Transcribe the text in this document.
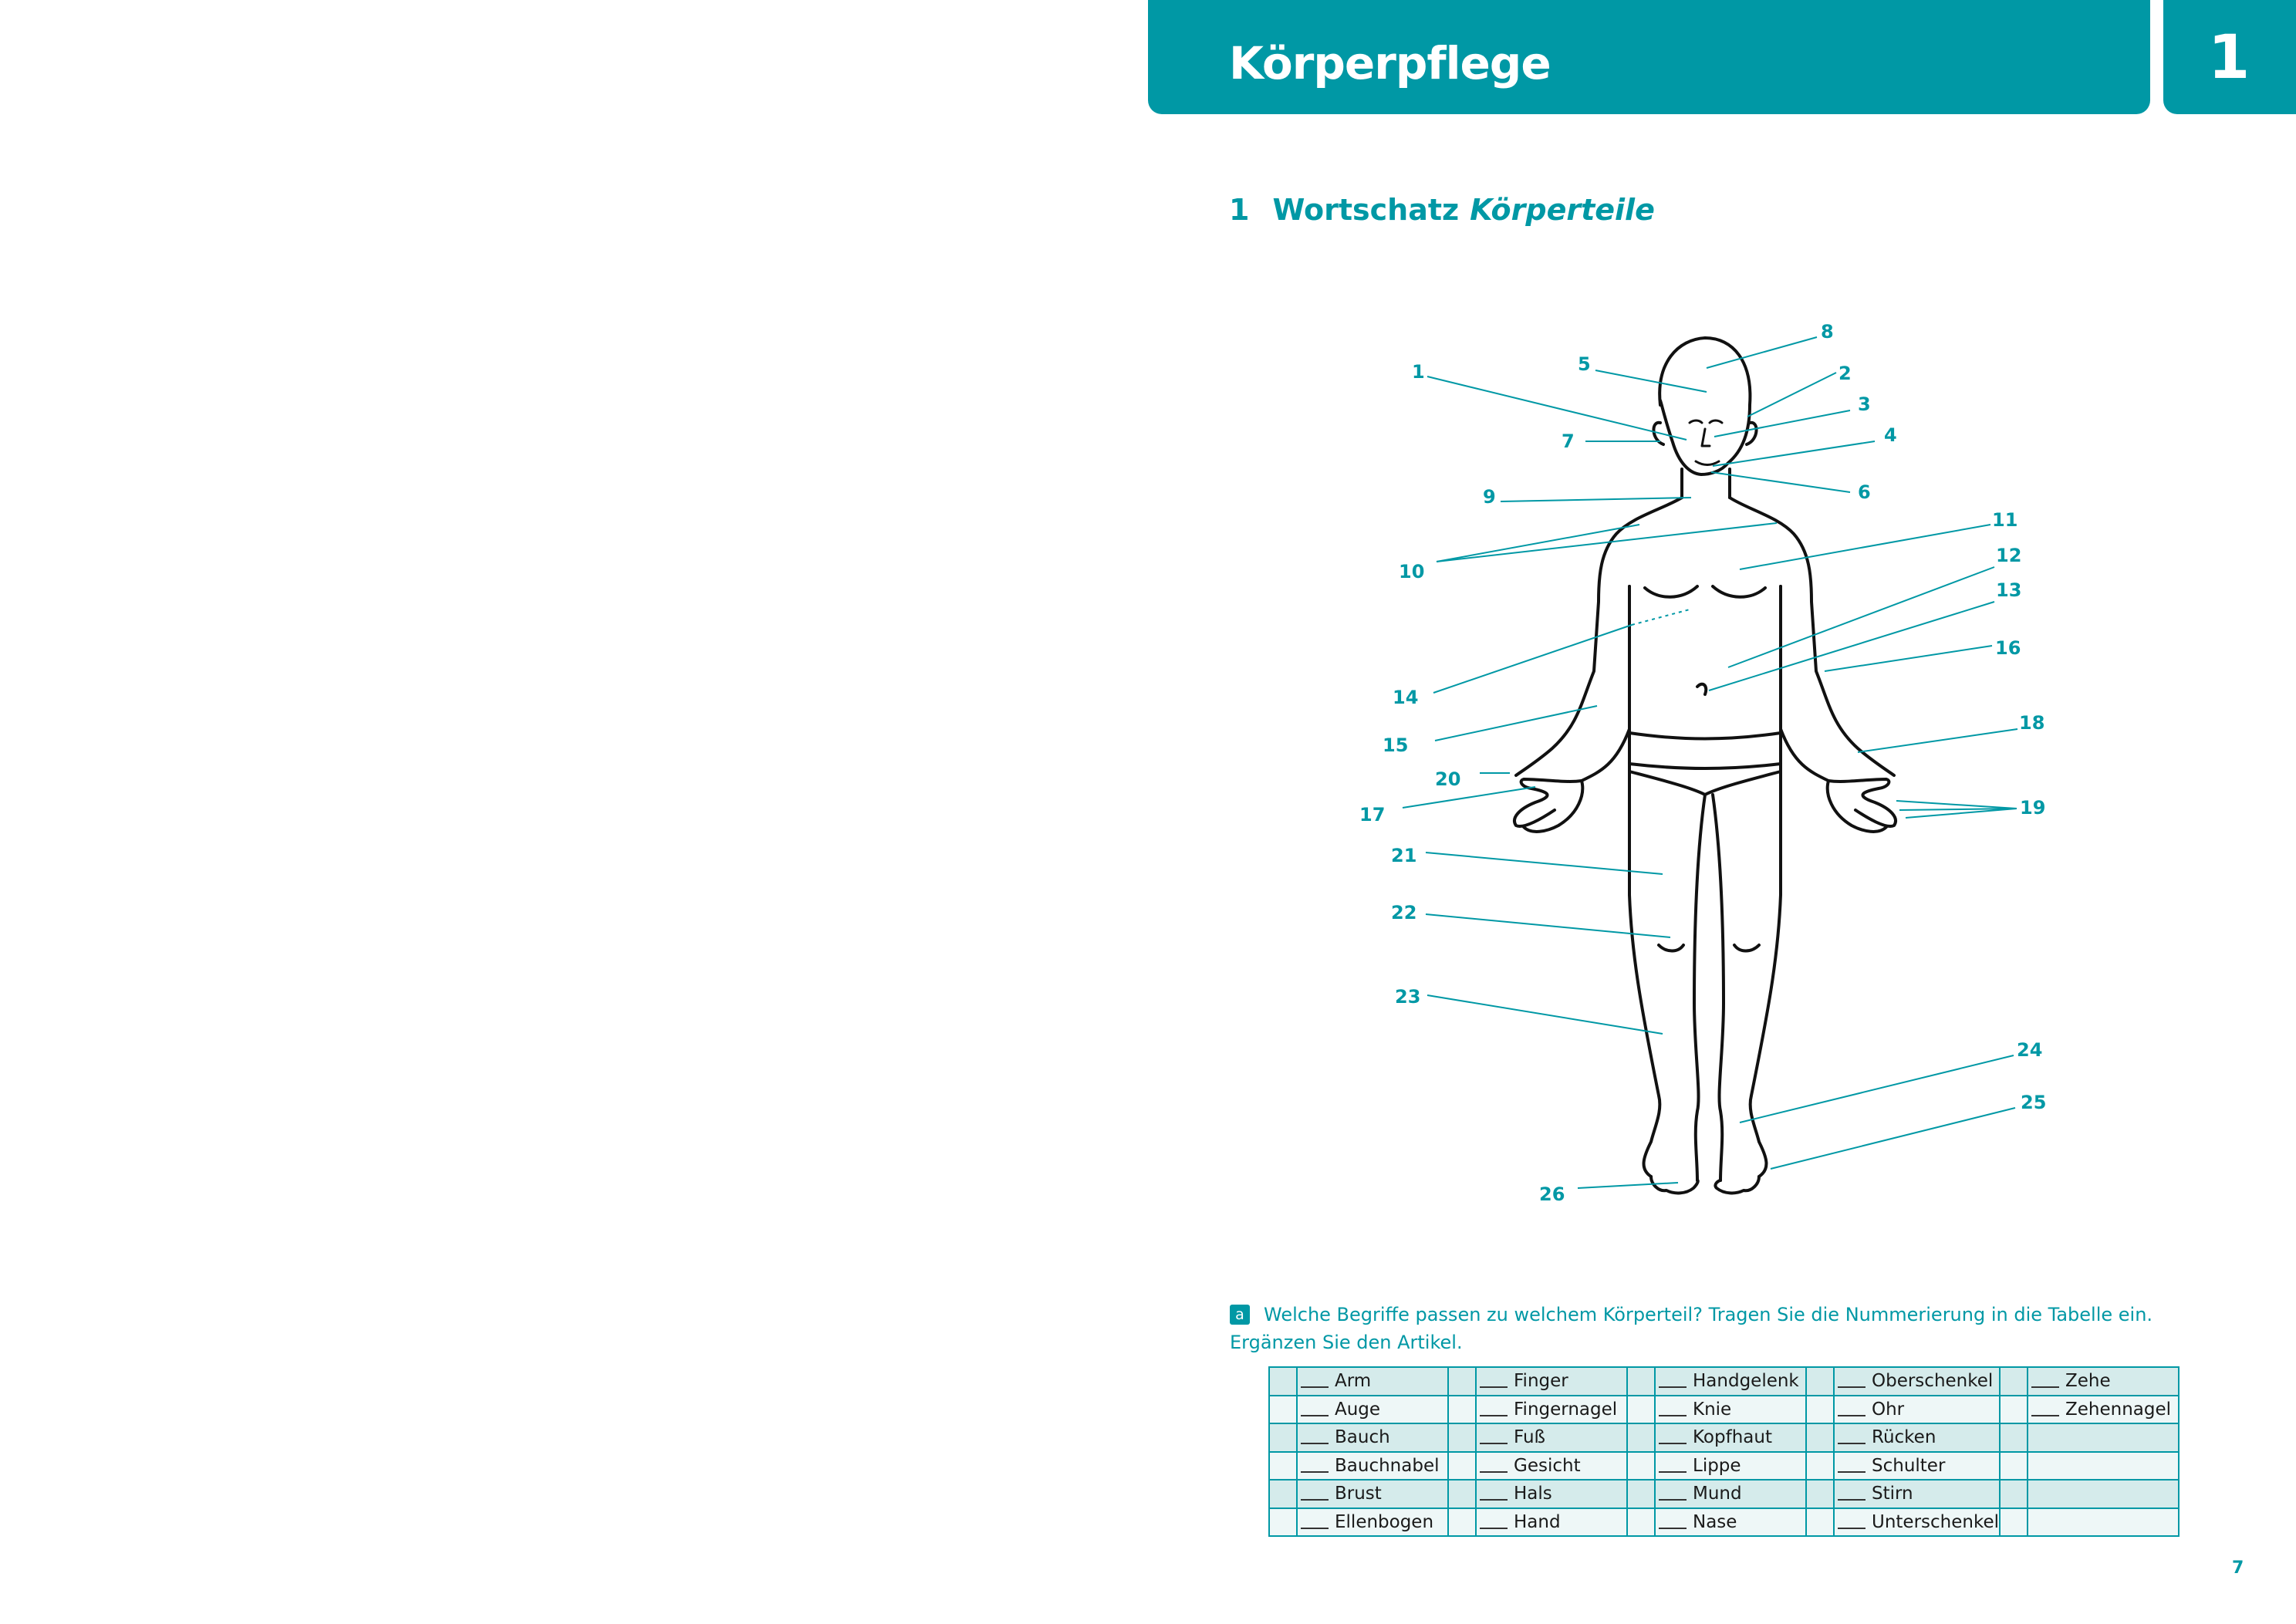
Körperpflege	1
1 Wortschatz Körperteile
1	2
3
4
5
6
7
8
9
10
11
12
13
14
15
16
17
18
19
20
21
22
23
24
25
26
a Welche Begriffe passen zu welchem Körperteil? Tragen Sie die Nummerierung in die Tabelle ein.
Ergänzen Sie den Artikel.
	Arm		Finger		Handgelenk		Oberschenkel		Zehe
	Auge		Fingernagel		Knie		Ohr		Zehennagel
	Bauch		Fuß		Kopfhaut		Rücken		
	Bauchnabel		Gesicht		Lippe		Schulter		
	Brust		Hals		Mund		Stirn		
	Ellenbogen		Hand		Nase		Unterschenkel		
7
